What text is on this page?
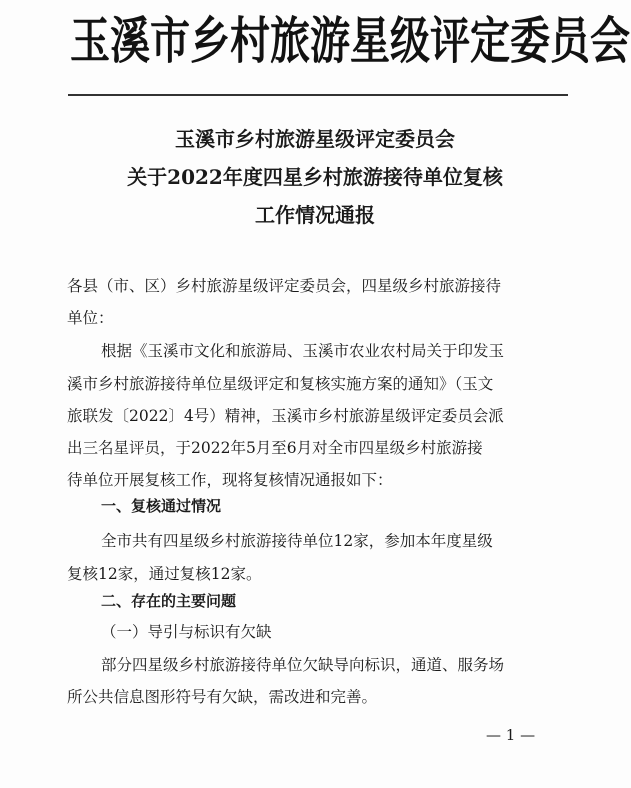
玉溪市乡村旅游星级评定委员会
玉溪市乡村旅游星级评定委员会
关于2022年度四星乡村旅游接待单位复核
工作情况通报
各县（市、区）乡村旅游星级评定委员会，四星级乡村旅游接待
单位：
根据《玉溪市文化和旅游局、玉溪市农业农村局关于印发玉
溪市乡村旅游接待单位星级评定和复核实施方案的通知》（玉文
旅联发〔2022〕4号）精神，玉溪市乡村旅游星级评定委员会派
出三名星评员，于2022年5月至6月对全市四星级乡村旅游接
待单位开展复核工作，现将复核情况通报如下：
一、复核通过情况
全市共有四星级乡村旅游接待单位12家，参加本年度星级
复核12家，通过复核12家。
二、存在的主要问题
（一）导引与标识有欠缺
部分四星级乡村旅游接待单位欠缺导向标识，通道、服务场
所公共信息图形符号有欠缺，需改进和完善。
— 1 —
